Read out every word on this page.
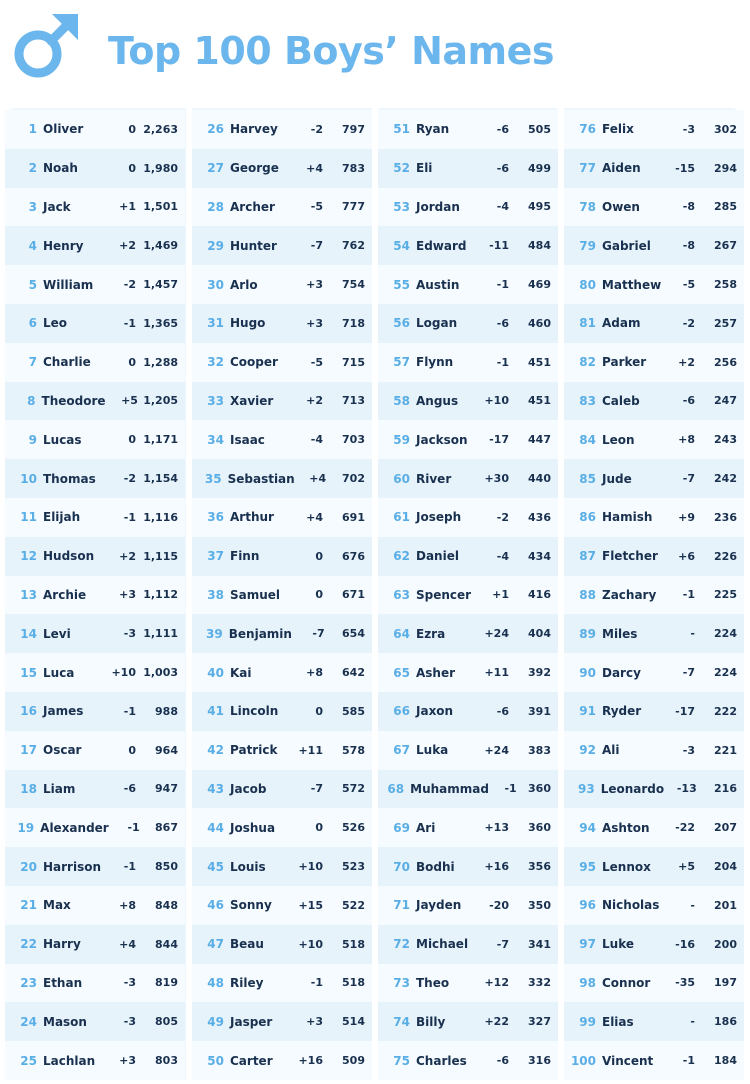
Top 100 Boys’ Names
1 Oliver	0 2,263
2 Noah	0 1,980
3 Jack	+1 1,501
4 Henry	+2 1,469
5 William	-2 1,457
6 Leo	-1 1,365
7 Charlie	0 1,288
8 Theodore	+5 1,205
9 Lucas	0 1,171
10 Thomas	-2 1,154
11 Elijah	-1 1,116
12 Hudson	+2 1,115
13 Archie	+3 1,112
14 Levi	-3 1,111
15 Luca	+10 1,003
16 James	-1	988
17 Oscar	0	964
18 Liam	-6	947
19 Alexander	-1	867
20 Harrison	-1	850
21 Max	+8	848
22 Harry	+4	844
23 Ethan	-3	819
24 Mason	-3	805
25 Lachlan	+3	803
26 Harvey	-2	797
27 George	+4	783
28 Archer	-5	777
29 Hunter	-7	762
30 Arlo	+3	754
31 Hugo	+3	718
32 Cooper	-5	715
33 Xavier	+2	713
34 Isaac	-4	703
35 Sebastian	+4	702
36 Arthur	+4	691
37 Finn	0	676
38 Samuel	0	671
39 Benjamin	-7	654
40 Kai	+8	642
41 Lincoln	0	585
42 Patrick	+11	578
43 Jacob	-7	572
44 Joshua	0	526
45 Louis	+10	523
46 Sonny	+15	522
47 Beau	+10	518
48 Riley	-1	518
49 Jasper	+3	514
50 Carter	+16	509
51 Ryan	-6	505
52 Eli	-6	499
53 Jordan	-4	495
54 Edward	-11	484
55 Austin	-1	469
56 Logan	-6	460
57 Flynn	-1	451
58 Angus	+10	451
59 Jackson	-17	447
60 River	+30	440
61 Joseph	-2	436
62 Daniel	-4	434
63 Spencer	+1	416
64 Ezra	+24	404
65 Asher	+11	392
66 Jaxon	-6	391
67 Luka	+24	383
68 Muhammad	-1	360
69 Ari	+13	360
70 Bodhi	+16	356
71 Jayden	-20	350
72 Michael	-7	341
73 Theo	+12	332
74 Billy	+22	327
75 Charles	-6	316
76 Felix	-3	302
77 Aiden	-15	294
78 Owen	-8	285
79 Gabriel	-8	267
80 Matthew	-5	258
81 Adam	-2	257
82 Parker	+2	256
83 Caleb	-6	247
84 Leon	+8	243
85 Jude	-7	242
86 Hamish	+9	236
87 Fletcher	+6	226
88 Zachary	-1	225
89 Miles	-	224
90 Darcy	-7	224
91 Ryder	-17	222
92 Ali	-3	221
93 Leonardo	-13	216
94 Ashton	-22	207
95 Lennox	+5	204
96 Nicholas	-	201
97 Luke	-16	200
98 Connor	-35	197
99 Elias	-	186
100 Vincent	-1	184
